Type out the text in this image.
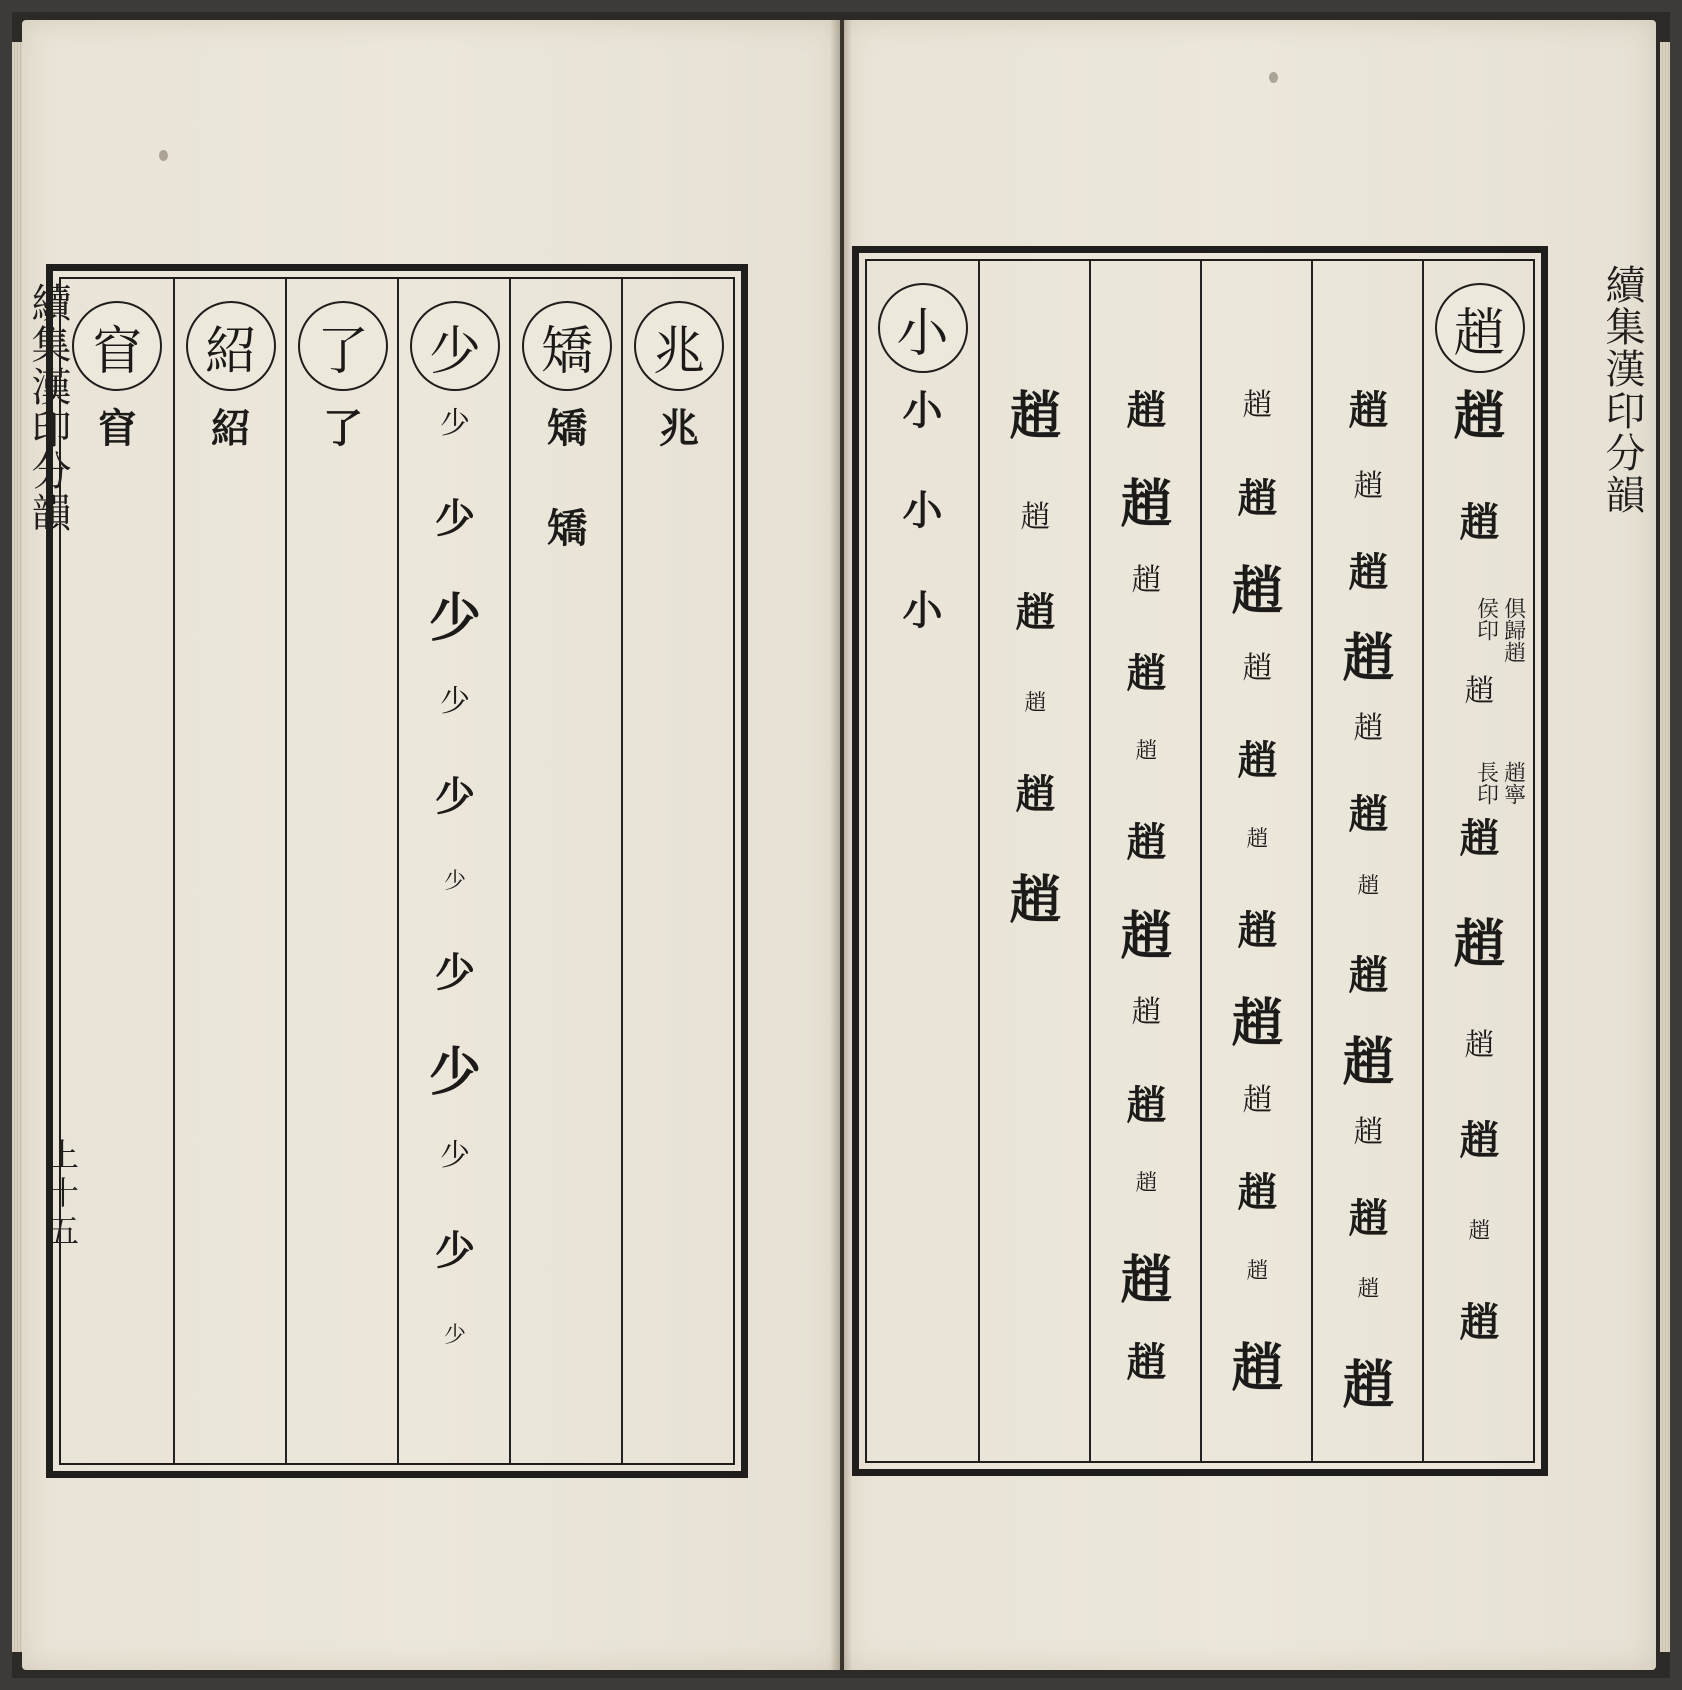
續集漢印分韻
上十五
兆
兆
矯
矯
矯
少
少
少
少
少
少
少
少
少
少
少
少
了
了
紹
紹
窅
窅	續集漢印分韻
趙
趙
趙
侯印 俱歸趙
趙
長印 趙寧
趙
趙
趙
趙
趙
趙
趙
趙
趙
趙
趙
趙
趙
趙
趙
趙
趙
趙
趙
趙
趙
趙
趙
趙
趙
趙
趙
趙
趙
趙
趙
趙
趙
趙
趙
趙
趙
趙
趙
趙
趙
趙
趙
趙
趙
趙
趙
趙
趙
小
小
小
小
